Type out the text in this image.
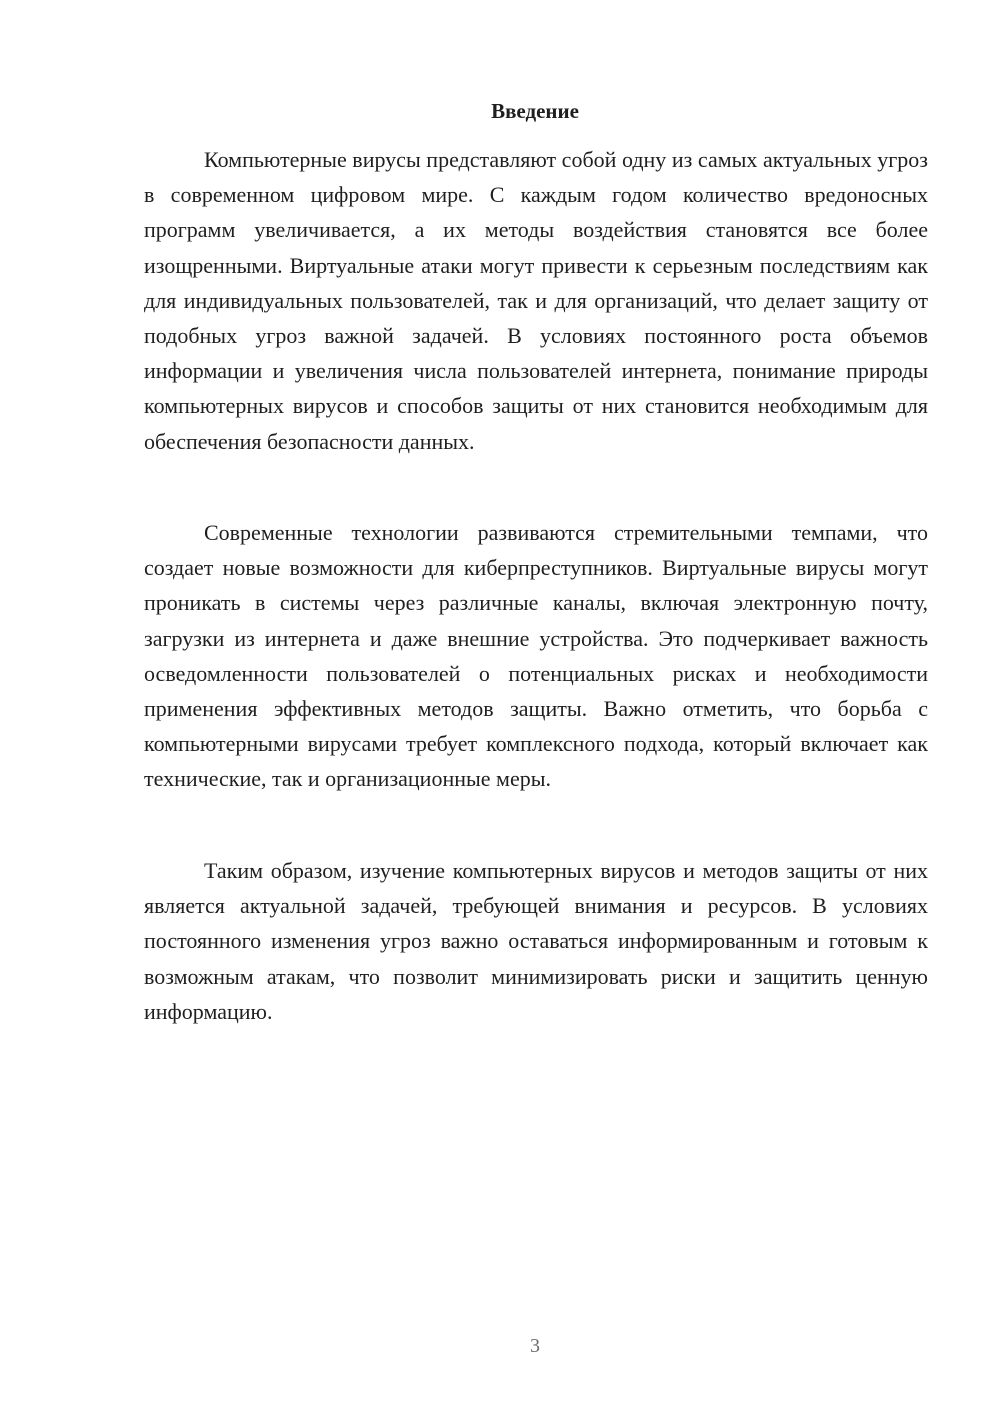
Введение

Компьютерные вирусы представляют собой одну из самых актуальных угроз в современном цифровом мире. С каждым годом количество вредоносных программ увеличивается, а их методы воздействия становятся все более изощренными. Виртуальные атаки могут привести к серьезным последствиям как для индивидуальных пользователей, так и для организаций, что делает защиту от подобных угроз важной задачей. В условиях постоянного роста объемов информации и увеличения числа пользователей интернета, понимание природы компьютерных вирусов и способов защиты от них становится необходимым для обеспечения безопасности данных.

Современные технологии развиваются стремительными темпами, что создает новые возможности для киберпреступников. Виртуальные вирусы могут проникать в системы через различные каналы, включая электронную почту, загрузки из интернета и даже внешние устройства. Это подчеркивает важность осведомленности пользователей о потенциальных рисках и необходимости применения эффективных методов защиты. Важно отметить, что борьба с компьютерными вирусами требует комплексного подхода, который включает как технические, так и организационные меры.

Таким образом, изучение компьютерных вирусов и методов защиты от них является актуальной задачей, требующей внимания и ресурсов. В условиях постоянного изменения угроз важно оставаться информированным и готовым к возможным атакам, что позволит минимизировать риски и защитить ценную информацию.

3
